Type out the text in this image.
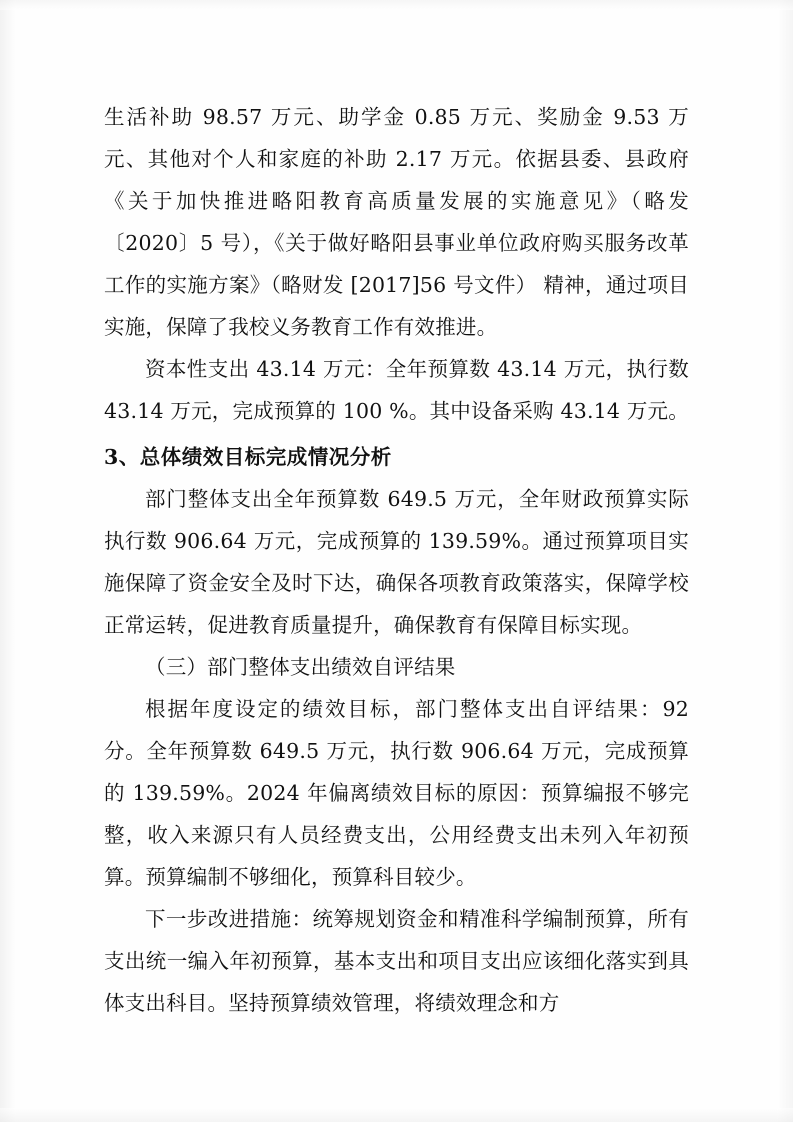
生活补助 98.57 万元、助学金 0.85 万元、奖励金 9.53 万元、其他对个人和家庭的补助 2.17 万元。依据县委、县政府《关于加快推进略阳教育高质量发展的实施意见》（略发〔2020〕5 号），《关于做好略阳县事业单位政府购买服务改革工作的实施方案》（略财发 [2017]56 号文件） 精神，通过项目实施，保障了我校义务教育工作有效推进。

资本性支出 43.14 万元：全年预算数 43.14 万元，执行数 43.14 万元，完成预算的 100 %。其中设备采购 43.14 万元。

3、总体绩效目标完成情况分析

部门整体支出全年预算数 649.5 万元，全年财政预算实际执行数 906.64 万元，完成预算的 139.59%。通过预算项目实施保障了资金安全及时下达，确保各项教育政策落实，保障学校正常运转，促进教育质量提升，确保教育有保障目标实现。

（三）部门整体支出绩效自评结果

根据年度设定的绩效目标，部门整体支出自评结果：92 分。全年预算数 649.5 万元，执行数 906.64 万元，完成预算的 139.59%。2024 年偏离绩效目标的原因：预算编报不够完整，收入来源只有人员经费支出，公用经费支出未列入年初预算。预算编制不够细化，预算科目较少。

下一步改进措施：统筹规划资金和精准科学编制预算，所有支出统一编入年初预算，基本支出和项目支出应该细化落实到具体支出科目。坚持预算绩效管理，将绩效理念和方
